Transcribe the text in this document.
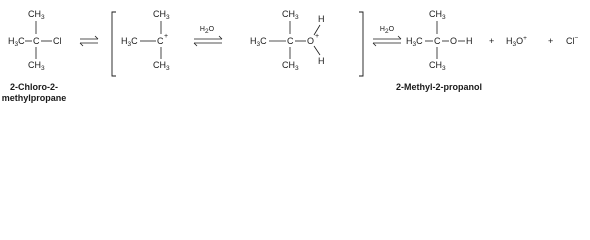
$CH_3$
$H_3C$ C Cl
$CH_3$
2-Chloro-2-
methylpropane
$CH_3$
$H_3C$ C +
$CH_3$
H2O
$CH_3$
$H_3C$ C O +
H
H
$CH_3$
H2O
$CH_3$
$H_3C$ C O H
$CH_3$
+ $H_3O^+ + Cl^-$
2-Methyl-2-propanol
